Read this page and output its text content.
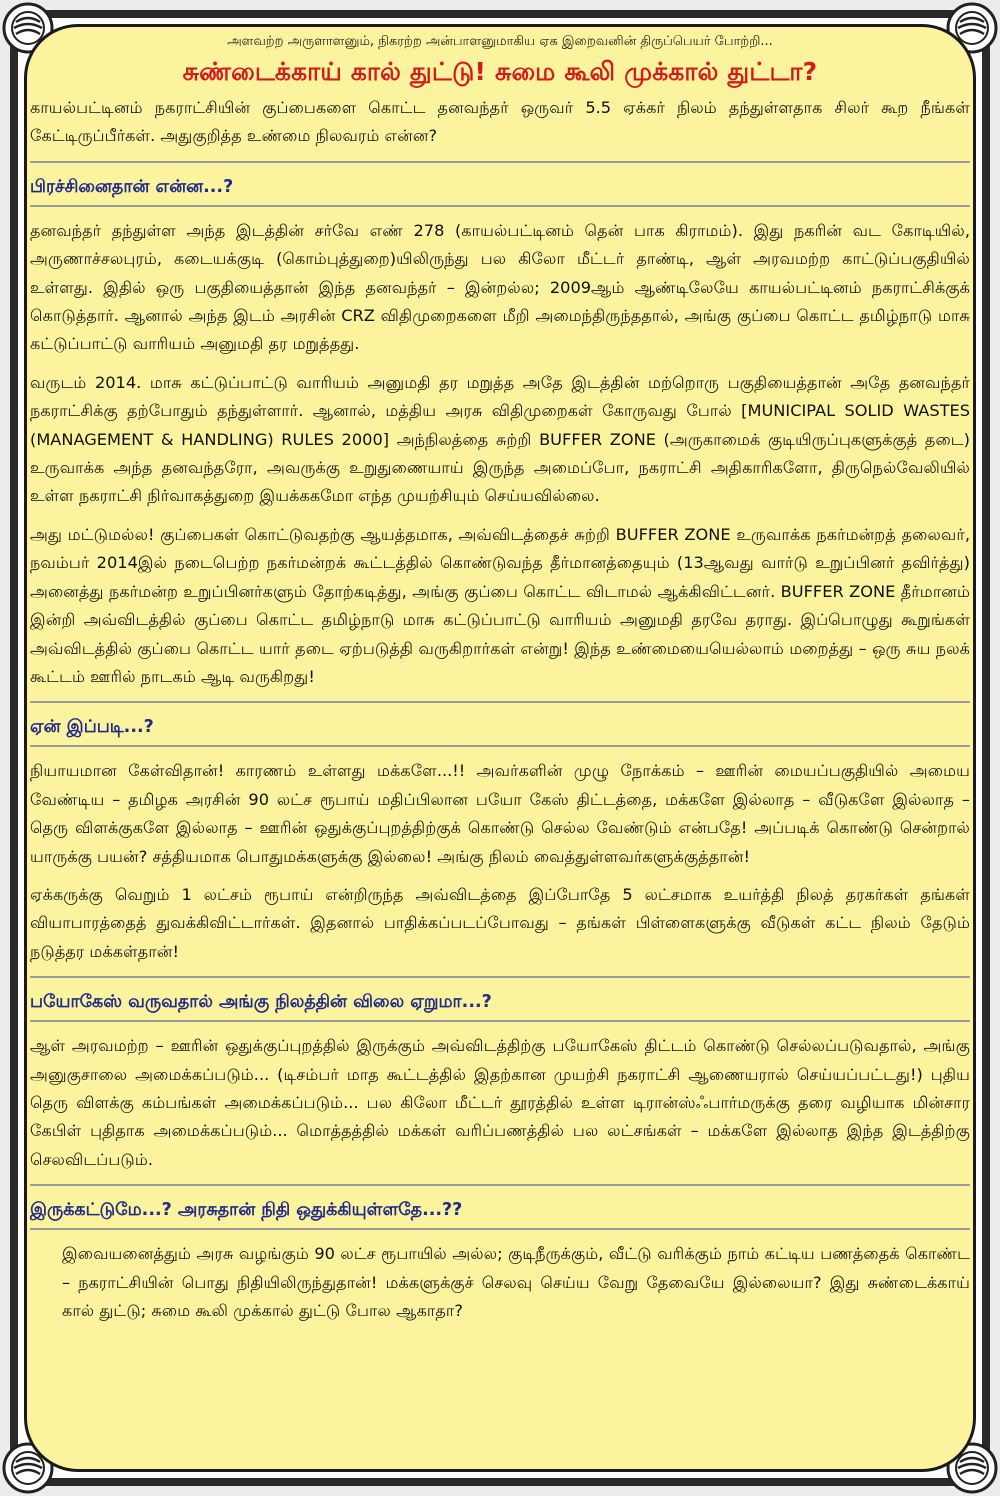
அளவற்ற அருளாளனும், நிகரற்ற அன்பாளனுமாகிய ஏக இறைவனின் திருப்பெயர் போற்றி...

சுண்டைக்காய் கால் துட்டு! சுமை கூலி முக்கால் துட்டா?

காயல்பட்டினம் நகராட்சியின் குப்பைகளை கொட்ட தனவந்தர் ஒருவர் 5.5 ஏக்கர் நிலம் தந்துள்ளதாக சிலர் கூற நீங்கள் கேட்டிருப்பீர்கள். அதுகுறித்த உண்மை நிலவரம் என்ன?

பிரச்சினைதான் என்ன...?

தனவந்தர் தந்துள்ள அந்த இடத்தின் சர்வே எண் 278 (காயல்பட்டினம் தென் பாக கிராமம்). இது நகரின் வட கோடியில், அருணாச்சலபுரம், கடையக்குடி (கொம்புத்துறை)யிலிருந்து பல கிலோ மீட்டர் தாண்டி, ஆள் அரவமற்ற காட்டுப்பகுதியில் உள்ளது. இதில் ஒரு பகுதியைத்தான் இந்த தனவந்தர் – இன்றல்ல; 2009ஆம் ஆண்டிலேயே காயல்பட்டினம் நகராட்சிக்குக் கொடுத்தார். ஆனால் அந்த இடம் அரசின் CRZ விதிமுறைகளை மீறி அமைந்திருந்ததால், அங்கு குப்பை கொட்ட தமிழ்நாடு மாசு கட்டுப்பாட்டு வாரியம் அனுமதி தர மறுத்தது.

வருடம் 2014. மாசு கட்டுப்பாட்டு வாரியம் அனுமதி தர மறுத்த அதே இடத்தின் மற்றொரு பகுதியைத்தான் அதே தனவந்தர் நகராட்சிக்கு தற்போதும் தந்துள்ளார். ஆனால், மத்திய அரசு விதிமுறைகள் கோருவது போல் [MUNICIPAL SOLID WASTES (MANAGEMENT & HANDLING) RULES 2000] அந்நிலத்தை சுற்றி BUFFER ZONE (அருகாமைக் குடியிருப்புகளுக்குத் தடை) உருவாக்க அந்த தனவந்தரோ, அவருக்கு உறுதுணையாய் இருந்த அமைப்போ, நகராட்சி அதிகாரிகளோ, திருநெல்வேலியில் உள்ள நகராட்சி நிர்வாகத்துறை இயக்ககமோ எந்த முயற்சியும் செய்யவில்லை.

அது மட்டுமல்ல! குப்பைகள் கொட்டுவதற்கு ஆயத்தமாக, அவ்விடத்தைச் சுற்றி BUFFER ZONE உருவாக்க நகர்மன்றத் தலைவர், நவம்பர் 2014இல் நடைபெற்ற நகர்மன்றக் கூட்டத்தில் கொண்டுவந்த தீர்மானத்தையும் (13ஆவது வார்டு உறுப்பினர் தவிர்த்து) அனைத்து நகர்மன்ற உறுப்பினர்களும் தோற்கடித்து, அங்கு குப்பை கொட்ட விடாமல் ஆக்கிவிட்டனர். BUFFER ZONE தீர்மானம் இன்றி அவ்விடத்தில் குப்பை கொட்ட தமிழ்நாடு மாசு கட்டுப்பாட்டு வாரியம் அனுமதி தரவே தராது. இப்பொழுது கூறுங்கள் அவ்விடத்தில் குப்பை கொட்ட யார் தடை ஏற்படுத்தி வருகிறார்கள் என்று! இந்த உண்மையையெல்லாம் மறைத்து – ஒரு சுய நலக் கூட்டம் ஊரில் நாடகம் ஆடி வருகிறது!

ஏன் இப்படி...?

நியாயமான கேள்விதான்! காரணம் உள்ளது மக்களே...!! அவர்களின் முழு நோக்கம் – ஊரின் மையப்பகுதியில் அமைய வேண்டிய – தமிழக அரசின் 90 லட்ச ரூபாய் மதிப்பிலான பயோ கேஸ் திட்டத்தை, மக்களே இல்லாத – வீடுகளே இல்லாத – தெரு விளக்குகளே இல்லாத – ஊரின் ஒதுக்குப்புறத்திற்குக் கொண்டு செல்ல வேண்டும் என்பதே! அப்படிக் கொண்டு சென்றால் யாருக்கு பயன்? சத்தியமாக பொதுமக்களுக்கு இல்லை! அங்கு நிலம் வைத்துள்ளவர்களுக்குத்தான்!

ஏக்கருக்கு வெறும் 1 லட்சம் ரூபாய் என்றிருந்த அவ்விடத்தை இப்போதே 5 லட்சமாக உயர்த்தி நிலத் தரகர்கள் தங்கள் வியாபாரத்தைத் துவக்கிவிட்டார்கள். இதனால் பாதிக்கப்படப்போவது – தங்கள் பிள்ளைகளுக்கு வீடுகள் கட்ட நிலம் தேடும் நடுத்தர மக்கள்தான்!

பயோகேஸ் வருவதால் அங்கு நிலத்தின் விலை ஏறுமா...?

ஆள் அரவமற்ற – ஊரின் ஒதுக்குப்புறத்தில் இருக்கும் அவ்விடத்திற்கு பயோகேஸ் திட்டம் கொண்டு செல்லப்படுவதால், அங்கு அனுகுசாலை அமைக்கப்படும்... (டிசம்பர் மாத கூட்டத்தில் இதற்கான முயற்சி நகராட்சி ஆணையரால் செய்யப்பட்டது!) புதிய தெரு விளக்கு கம்பங்கள் அமைக்கப்படும்... பல கிலோ மீட்டர் தூரத்தில் உள்ள டிரான்ஸ்ஃபார்மருக்கு தரை வழியாக மின்சார கேபிள் புதிதாக அமைக்கப்படும்... மொத்தத்தில் மக்கள் வரிப்பணத்தில் பல லட்சங்கள் – மக்களே இல்லாத இந்த இடத்திற்கு செலவிடப்படும்.

இருக்கட்டுமே...? அரசுதான் நிதி ஒதுக்கியுள்ளதே...??

இவையனைத்தும் அரசு வழங்கும் 90 லட்ச ரூபாயில் அல்ல; குடிநீருக்கும், வீட்டு வரிக்கும் நாம் கட்டிய பணத்தைக் கொண்ட – நகராட்சியின் பொது நிதியிலிருந்துதான்! மக்களுக்குச் செலவு செய்ய வேறு தேவையே இல்லையா? இது சுண்டைக்காய் கால் துட்டு; சுமை கூலி முக்கால் துட்டு போல ஆகாதா?
